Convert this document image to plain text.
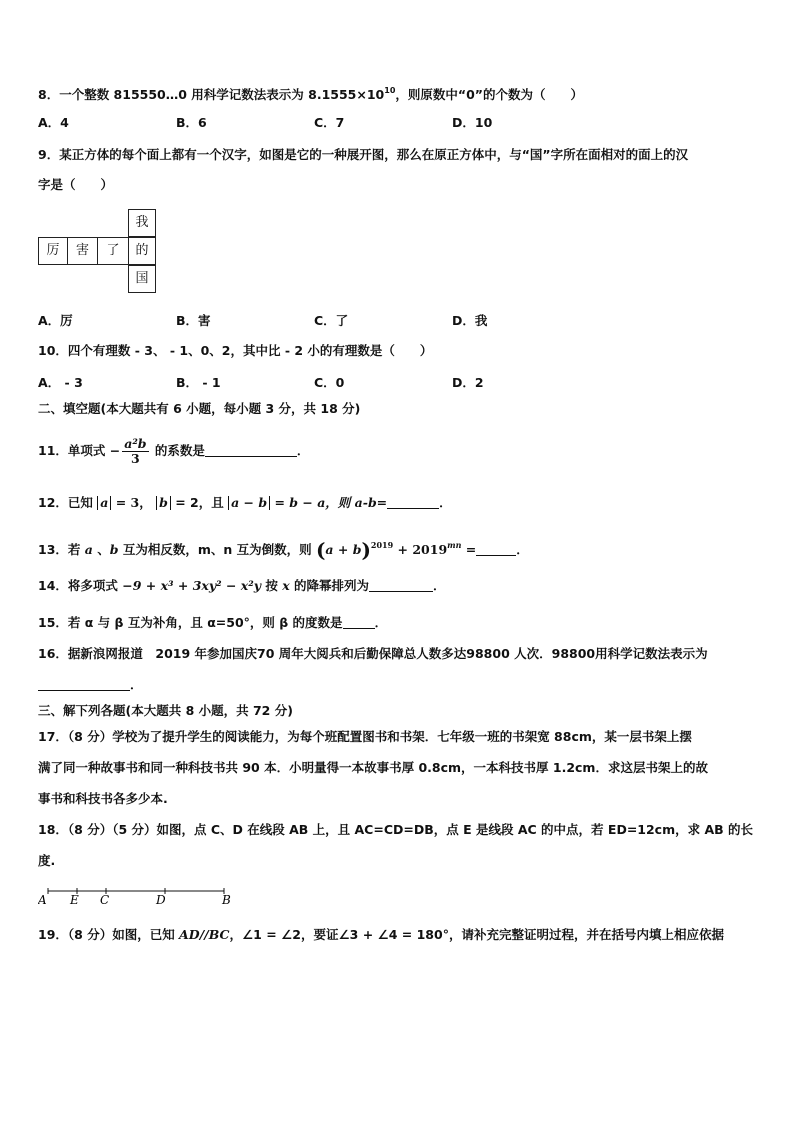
8．一个整数 815550…0 用科学记数法表示为 $8.1555\times 10^{10}$，则原数中“0”的个数为（　　）
A．4	B．6	C．7	D．10
9．某正方体的每个面上都有一个汉字，如图是它的一种展开图，那么在原正方体中，与“国”字所在面相对的面上的汉
字是（　　）
我
厉	害	了	的
国
A．厉	B．害	C．了	D．我
10．四个有理数 - 3、 - 1、0、2，其中比 - 2 小的有理数是（　　）
A． - 3	B． - 1	C．0	D．2
二、填空题(本大题共有 6 小题，每小题 3 分，共 18 分)
11．单项式 − $\frac{\text{a²b}}{3}$ 的系数是	．
12．已知 a = 3， b = 2，且 a − b = b − a，则 a-b=	．
13．若 a 、b 互为相反数，m、n 互为倒数，则 $(a + b)^{2019} + 2019^{mn}$ =	．
14．将多项式 −9 + x³ + 3xy² − x²y 按 x 的降幂排列为	．
15．若 α 与 β 互为补角，且 α=50°，则 β 的度数是	．
16．据新浪网报道　2019 年参加国庆70 周年大阅兵和后勤保障总人数多达98800 人次．98800用科学记数法表示为
．
三、解下列各题(本大题共 8 小题，共 72 分)
17．（8 分）学校为了提升学生的阅读能力，为每个班配置图书和书架．七年级一班的书架宽 88cm，某一层书架上摆
满了同一种故事书和同一种科技书共 90 本．小明量得一本故事书厚 0.8cm，一本科技书厚 1.2cm．求这层书架上的故
事书和科技书各多少本.
18．（8 分）（5 分）如图，点 C、D 在线段 AB 上，且 AC=CD=DB，点 E 是线段 AC 的中点，若 ED=12cm，求 AB 的长
度.
A E C	D	B
19．（8 分）如图，已知 AD//BC，∠1 = ∠2，要证∠3 + ∠4 = 180°，请补充完整证明过程，并在括号内填上相应依据
